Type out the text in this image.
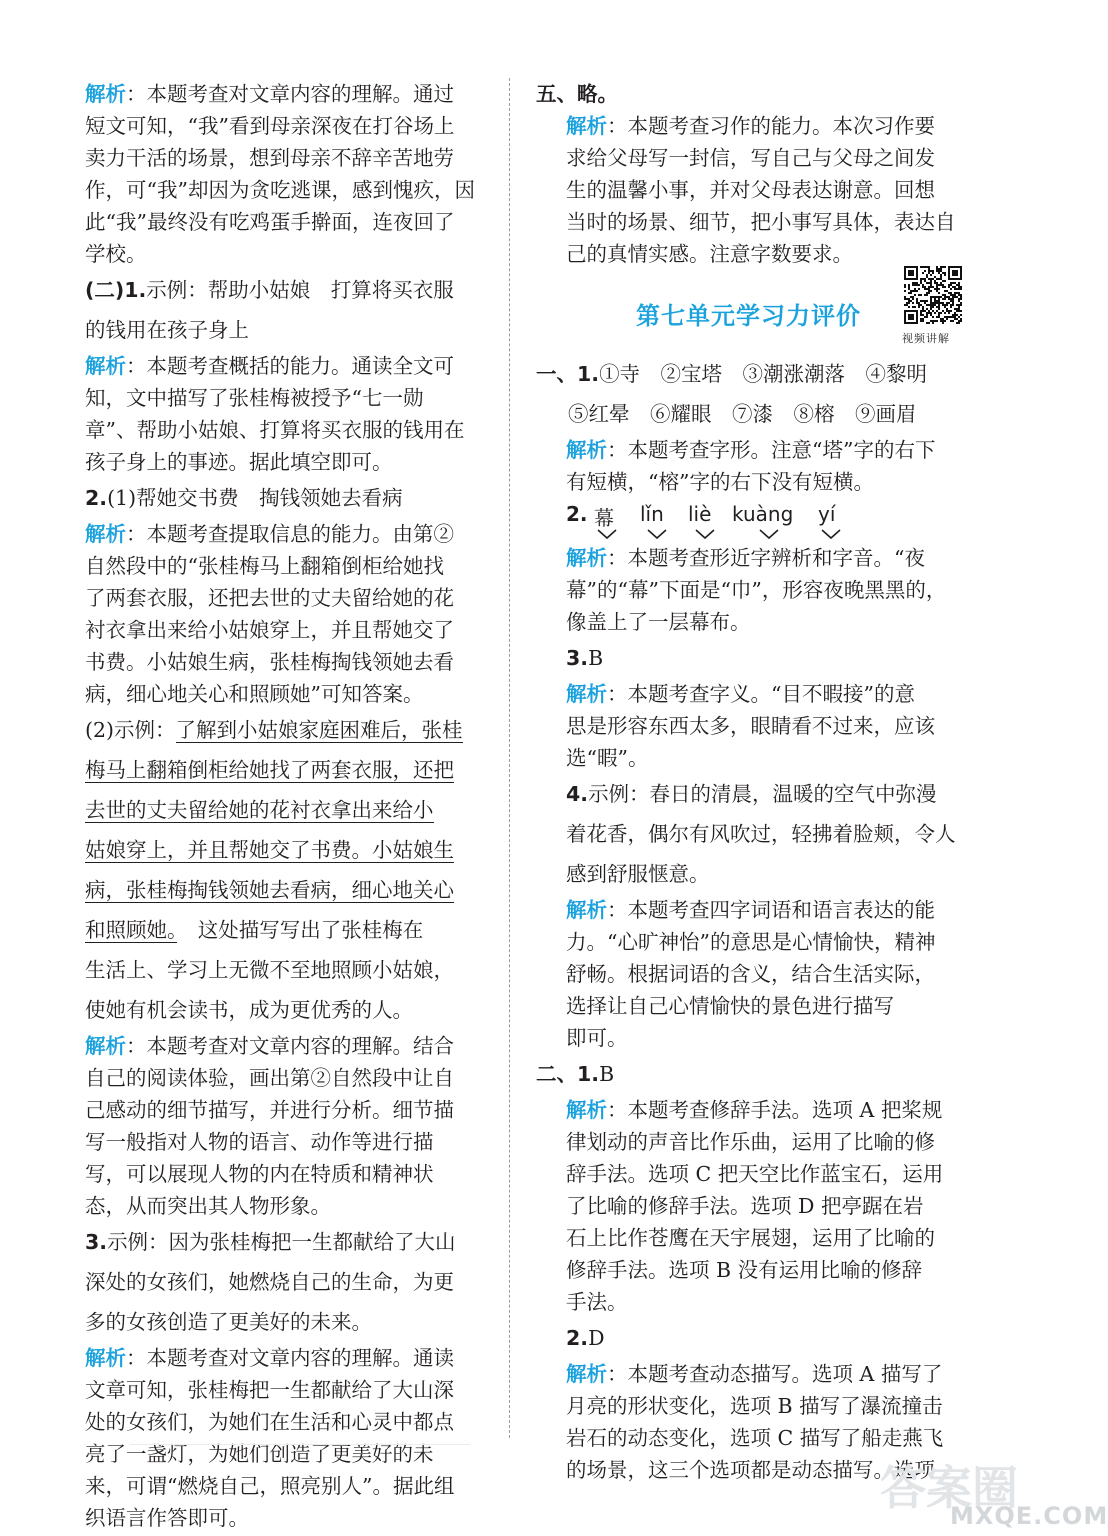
解析：本题考查对文章内容的理解。通过
短文可知，“我”看到母亲深夜在打谷场上
卖力干活的场景，想到母亲不辞辛苦地劳
作，可“我”却因为贪吃逃课，感到愧疚，因
此“我”最终没有吃鸡蛋手擀面，连夜回了
学校。
(二)1.示例：帮助小姑娘　打算将买衣服
的钱用在孩子身上
解析：本题考查概括的能力。通读全文可
知，文中描写了张桂梅被授予“七一勋
章”、帮助小姑娘、打算将买衣服的钱用在
孩子身上的事迹。据此填空即可。
2.(1)帮她交书费　掏钱领她去看病
解析：本题考查提取信息的能力。由第②
自然段中的“张桂梅马上翻箱倒柜给她找
了两套衣服，还把去世的丈夫留给她的花
衬衣拿出来给小姑娘穿上，并且帮她交了
书费。小姑娘生病，张桂梅掏钱领她去看
病，细心地关心和照顾她”可知答案。
(2)示例：了解到小姑娘家庭困难后，张桂
梅马上翻箱倒柜给她找了两套衣服，还把
去世的丈夫留给她的花衬衣拿出来给小
姑娘穿上，并且帮她交了书费。小姑娘生
病，张桂梅掏钱领她去看病，细心地关心
和照顾她。　这处描写写出了张桂梅在
生活上、学习上无微不至地照顾小姑娘，
使她有机会读书，成为更优秀的人。
解析：本题考查对文章内容的理解。结合
自己的阅读体验，画出第②自然段中让自
己感动的细节描写，并进行分析。细节描
写一般指对人物的语言、动作等进行描
写，可以展现人物的内在特质和精神状
态，从而突出其人物形象。
3.示例：因为张桂梅把一生都献给了大山
深处的女孩们，她燃烧自己的生命，为更
多的女孩创造了更美好的未来。
解析：本题考查对文章内容的理解。通读
文章可知，张桂梅把一生都献给了大山深
处的女孩们，为她们在生活和心灵中都点
亮了一盏灯，为她们创造了更美好的未
来，可谓“燃烧自己，照亮别人”。据此组
织语言作答即可。
五、略。
解析：本题考查习作的能力。本次习作要
求给父母写一封信，写自己与父母之间发
生的温馨小事，并对父母表达谢意。回想
当时的场景、细节，把小事写具体，表达自
己的真情实感。注意字数要求。
第七单元学习力评价
视频讲解
一、1.①寺　②宝塔　③潮涨潮落　④黎明
⑤红晕　⑥耀眼　⑦漆　⑧榕　⑨画眉
解析：本题考查字形。注意“塔”字的右下
有短横，“榕”字的右下没有短横。
2. 幕 lǐn liè kuàng yí
解析：本题考查形近字辨析和字音。“夜
幕”的“幕”下面是“巾”，形容夜晚黑黑的，
像盖上了一层幕布。
3.B
解析：本题考查字义。“目不暇接”的意
思是形容东西太多，眼睛看不过来，应该
选“暇”。
4.示例：春日的清晨，温暖的空气中弥漫
着花香，偶尔有风吹过，轻拂着脸颊，令人
感到舒服惬意。
解析：本题考查四字词语和语言表达的能
力。“心旷神怡”的意思是心情愉快，精神
舒畅。根据词语的含义，结合生活实际，
选择让自己心情愉快的景色进行描写
即可。
二、1.B
解析：本题考查修辞手法。选项 A 把桨规
律划动的声音比作乐曲，运用了比喻的修
辞手法。选项 C 把天空比作蓝宝石，运用
了比喻的修辞手法。选项 D 把亭踞在岩
石上比作苍鹰在天宇展翅，运用了比喻的
修辞手法。选项 B 没有运用比喻的修辞
手法。
2.D
解析：本题考查动态描写。选项 A 描写了
月亮的形状变化，选项 B 描写了瀑流撞击
岩石的动态变化，选项 C 描写了船走燕飞
的场景，这三个选项都是动态描写。选项
答案圈
MXQE.COM
